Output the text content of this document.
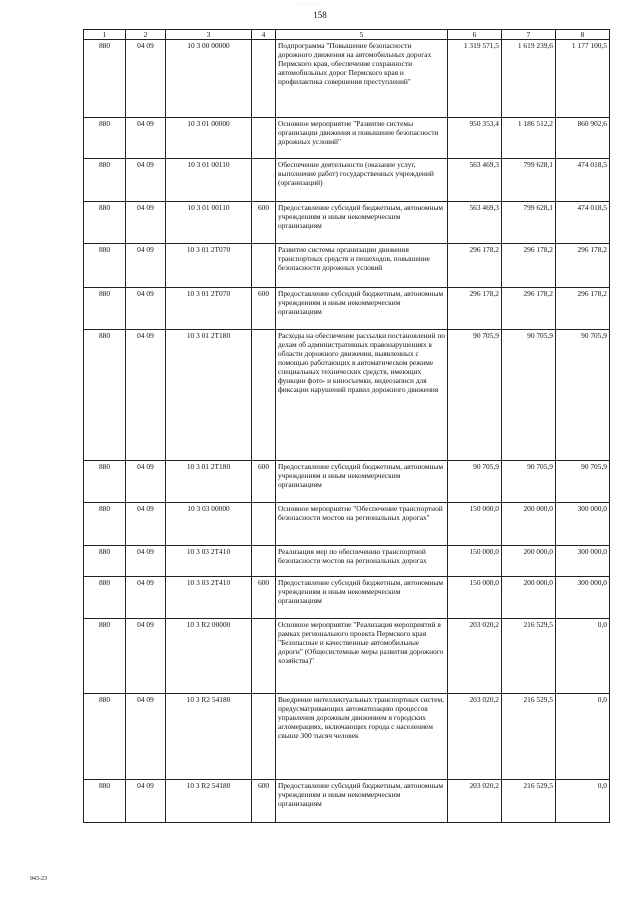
· · ·
158
1	2	3	4	5	6	7	8
880	04 09	10 3 00 00000		Подпрограмма "Повышение безопасности дорожного движения на автомобильных дорогах Пермского края, обеспечение сохранности автомобильных дорог Пермского края и профилактика совершения преступлений"	1 319 571,5	1 619 239,6	1 177 100,5
880	04 09	10 3 01 00000		Основное мероприятие "Развитие системы организации движения и повышение безопасности дорожных условий"	950 353,4	1 186 512,2	860 902,6
880	04 09	10 3 01 00110		Обеспечение деятельности (оказание услуг, выполнение работ) государственных учреждений (организаций)	563 469,3	799 628,1	474 018,5
880	04 09	10 3 01 00110	600	Предоставление субсидий бюджетным, автономным учреждениям и иным некоммерческим организациям	563 469,3	799 628,1	474 018,5
880	04 09	10 3 01 2Т070		Развитие системы организации движения транспортных средств и пешеходов, повышение безопасности дорожных условий	296 178,2	296 178,2	296 178,2
880	04 09	10 3 01 2Т070	600	Предоставление субсидий бюджетным, автономным учреждениям и иным некоммерческим организациям	296 178,2	296 178,2	296 178,2
880	04 09	10 3 01 2Т180		Расходы на обеспечение рассылки постановлений по делам об административных правонарушениях в области дорожного движения, выявленных с помощью работающих в автоматическом режиме специальных технических средств, имеющих функции фото- и киносъемки, видеозаписи для фиксации нарушений правил дорожного движения	90 705,9	90 705,9	90 705,9
880	04 09	10 3 01 2Т180	600	Предоставление субсидий бюджетным, автономным учреждениям и иным некоммерческим организациям	90 705,9	90 705,9	90 705,9
880	04 09	10 3 03 00000		Основное мероприятие "Обеспечение транспортной безопасности мостов на региональных дорогах"	150 000,0	200 000,0	300 000,0
880	04 09	10 3 03 2Т410		Реализация мер по обеспечению транспортной безопасности мостов на региональных дорогах	150 000,0	200 000,0	300 000,0
880	04 09	10 3 03 2Т410	600	Предоставление субсидий бюджетным, автономным учреждениям и иным некоммерческим организациям	150 000,0	200 000,0	300 000,0
880	04 09	10 3 R2 00000		Основное мероприятие "Реализация мероприятий в рамках регионального проекта Пермского края "Безопасные и качественные автомобильные дороги" (Общесистемные меры развития дорожного хозяйства)"	203 020,2	216 529,5	0,0
880	04 09	10 3 R2 54180		Внедрение интеллектуальных транспортных систем, предусматривающих автоматизацию процессов управления дорожным движением в городских агломерациях, включающих города с населением свыше 300 тысяч человек	203 020,2	216 529,5	0,0
880	04 09	10 3 R2 54180	600	Предоставление субсидий бюджетным, автономным учреждениям и иным некоммерческим организациям	203 020,2	216 529,5	0,0
943-23
